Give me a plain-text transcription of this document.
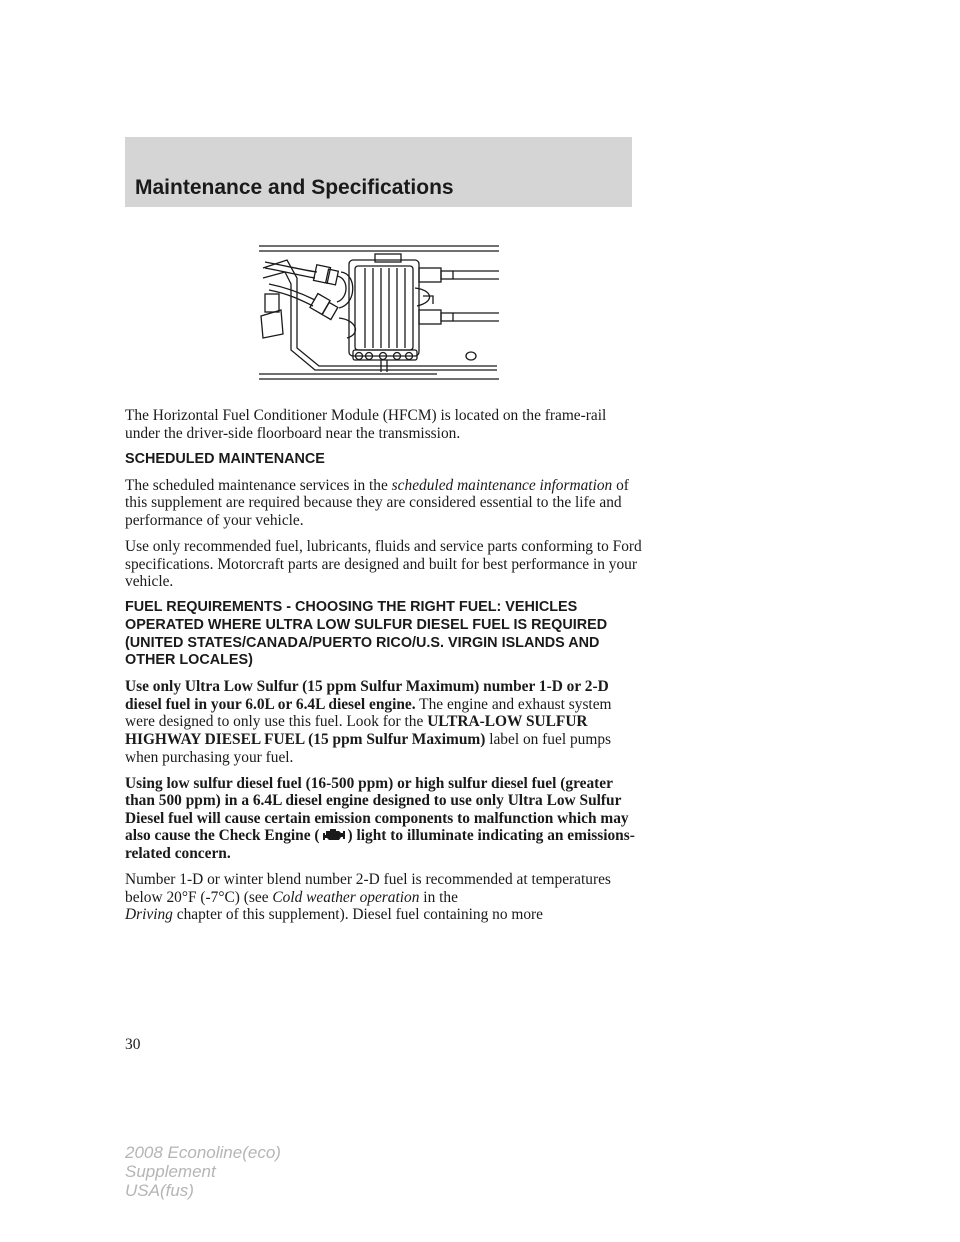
Maintenance and Specifications

The Horizontal Fuel Conditioner Module (HFCM) is located on the frame-rail under the driver-side floorboard near the transmission.

SCHEDULED MAINTENANCE

The scheduled maintenance services in the scheduled maintenance information of this supplement are required because they are considered essential to the life and performance of your vehicle.

Use only recommended fuel, lubricants, fluids and service parts conforming to Ford specifications. Motorcraft parts are designed and built for best performance in your vehicle.

FUEL REQUIREMENTS - CHOOSING THE RIGHT FUEL: VEHICLES OPERATED WHERE ULTRA LOW SULFUR DIESEL FUEL IS REQUIRED (UNITED STATES/CANADA/PUERTO RICO/U.S. VIRGIN ISLANDS AND OTHER LOCALES)

Use only Ultra Low Sulfur (15 ppm Sulfur Maximum) number 1-D or 2-D diesel fuel in your 6.0L or 6.4L diesel engine. The engine and exhaust system were designed to only use this fuel. Look for the ULTRA-LOW SULFUR HIGHWAY DIESEL FUEL (15 ppm Sulfur Maximum) label on fuel pumps when purchasing your fuel.

Using low sulfur diesel fuel (16-500 ppm) or high sulfur diesel fuel (greater than 500 ppm) in a 6.4L diesel engine designed to use only Ultra Low Sulfur Diesel fuel will cause certain emission components to malfunction which may also cause the Check Engine ( ) light to illuminate indicating an emissions-related concern.

Number 1-D or winter blend number 2-D fuel is recommended at temperatures below 20°F (-7°C) (see Cold weather operation in the
Driving chapter of this supplement). Diesel fuel containing no more

30
2008 Econoline(eco)
Supplement
USA(fus)
